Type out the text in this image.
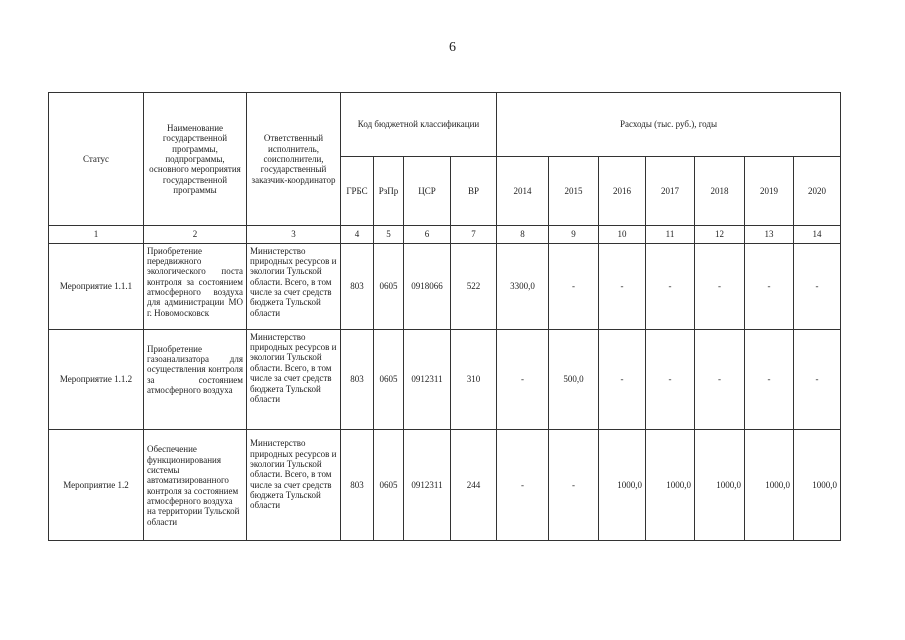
6
Статус	Наименование государственной программы, подпрограммы, основного мероприятия государственной программы	Ответственный исполнитель, соисполнители, государственный заказчик-координатор	Код бюджетной классификации				Расходы (тыс. руб.), годы						
			ГРБС	РзПр	ЦСР	ВР	2014	2015	2016	2017	2018	2019	2020
1	2	3	4	5	6	7	8	9	10	11	12	13	14
Мероприятие 1.1.1	Приобретение передвижного экологического поста контроля за состоянием атмосферного воздуха для администрации МО г. Новомосковск	Министерство природных ресурсов и экологии Тульской области. Всего, в том числе за счет средств бюджета Тульской области	803	0605	0918066	522	3300,0	-	-	-	-	-	-
Мероприятие 1.1.2	Приобретение газоанализатора для осуществления контроля за состоянием атмосферного воздуха	Министерство природных ресурсов и экологии Тульской области. Всего, в том числе за счет средств бюджета Тульской области	803	0605	0912311	310	-	500,0	-	-	-	-	-
Мероприятие 1.2	Обеспечение функционирования системы автоматизированного контроля за состоянием атмосферного воздуха на территории Тульской области	Министерство природных ресурсов и экологии Тульской области. Всего, в том числе за счет средств бюджета Тульской области	803	0605	0912311	244	-	-	1000,0	1000,0	1000,0	1000,0	1000,0
